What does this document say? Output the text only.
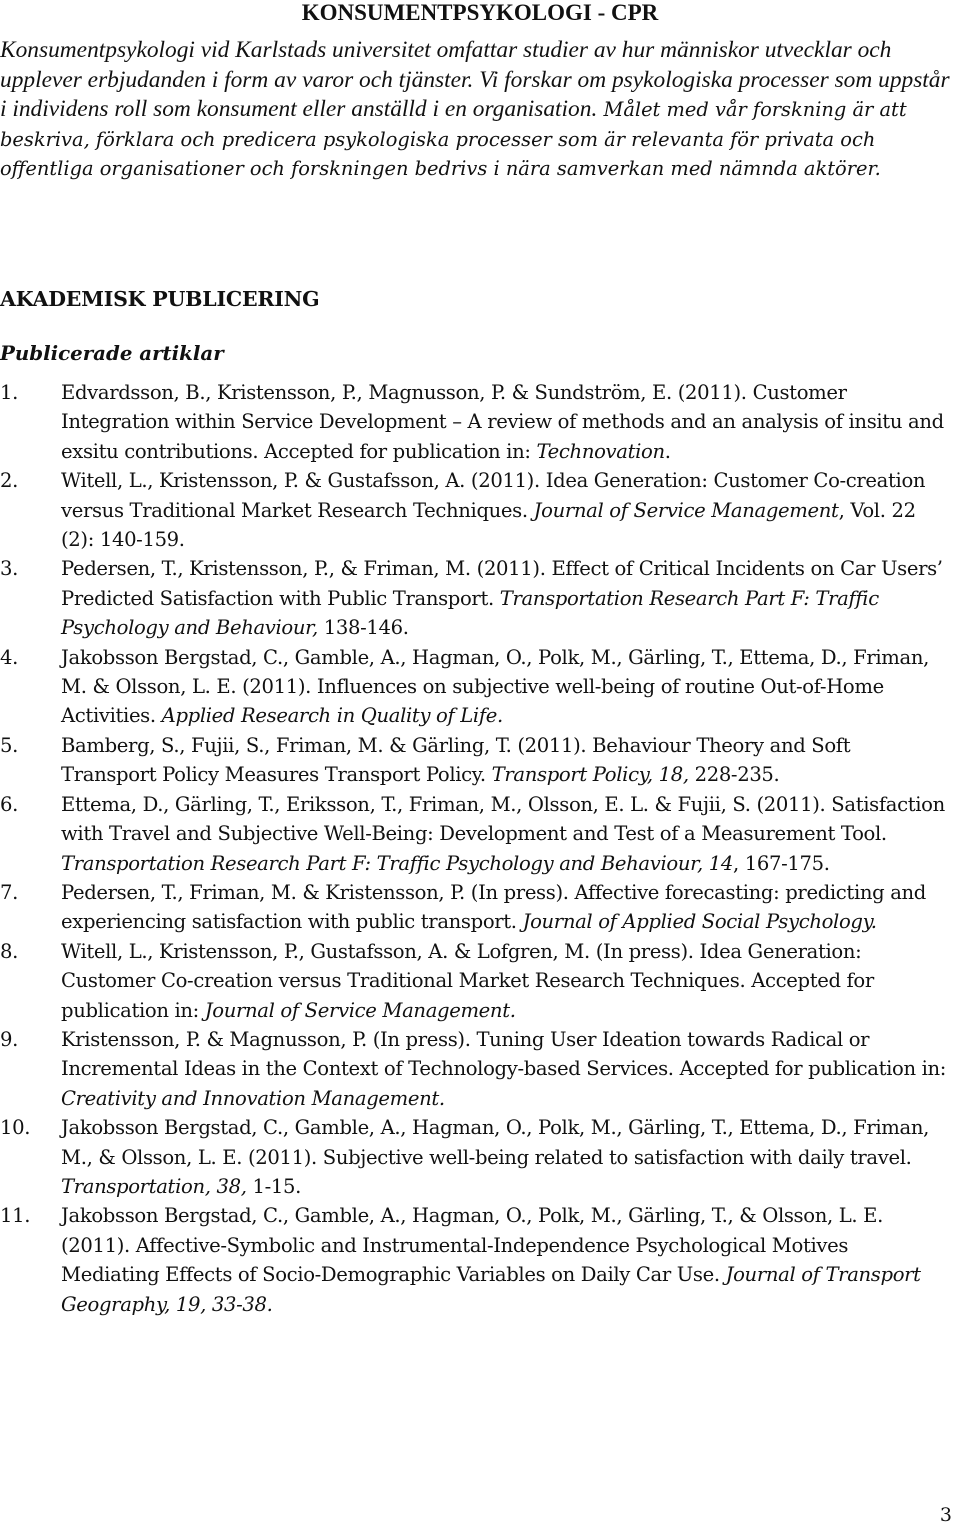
KONSUMENTPSYKOLOGI - CPR

Konsumentpsykologi vid Karlstads universitet omfattar studier av hur människor utvecklar och upplever erbjudanden i form av varor och tjänster. Vi forskar om psykologiska processer som uppstår i individens roll som konsument eller anställd i en organisation. Målet med vår forskning är att beskriva, förklara och predicera psykologiska processer som är relevanta för privata och offentliga organisationer och forskningen bedrivs i nära samverkan med nämnda aktörer.

AKADEMISK PUBLICERING
Publicerade artiklar
1.	Edvardsson, B., Kristensson, P., Magnusson, P. & Sundström, E. (2011). Customer Integration within Service Development – A review of methods and an analysis of insitu and exsitu contributions. Accepted for publication in: Technovation.
2.	Witell, L., Kristensson, P. & Gustafsson, A. (2011). Idea Generation: Customer Co-creation versus Traditional Market Research Techniques. Journal of Service Management, Vol. 22 (2): 140-159.
3.	Pedersen, T., Kristensson, P., & Friman, M. (2011). Effect of Critical Incidents on Car Users’ Predicted Satisfaction with Public Transport. Transportation Research Part F: Traffic Psychology and Behaviour, 138-146.
4.	Jakobsson Bergstad, C., Gamble, A., Hagman, O., Polk, M., Gärling, T., Ettema, D., Friman, M. & Olsson, L. E. (2011). Influences on subjective well-being of routine Out-of-Home Activities. Applied Research in Quality of Life.
5.	Bamberg, S., Fujii, S., Friman, M. & Gärling, T. (2011). Behaviour Theory and Soft Transport Policy Measures Transport Policy. Transport Policy, 18, 228-235.
6.	Ettema, D., Gärling, T., Eriksson, T., Friman, M., Olsson, E. L. & Fujii, S. (2011). Satisfaction with Travel and Subjective Well-Being: Development and Test of a Measurement Tool. Transportation Research Part F: Traffic Psychology and Behaviour, 14, 167-175.
7.	Pedersen, T., Friman, M. & Kristensson, P. (In press). Affective forecasting: predicting and experiencing satisfaction with public transport. Journal of Applied Social Psychology.
8.	Witell, L., Kristensson, P., Gustafsson, A. & Lofgren, M. (In press). Idea Generation: Customer Co-creation versus Traditional Market Research Techniques. Accepted for publication in: Journal of Service Management.
9.	Kristensson, P. & Magnusson, P. (In press). Tuning User Ideation towards Radical or Incremental Ideas in the Context of Technology-based Services. Accepted for publication in: Creativity and Innovation Management.
10.	Jakobsson Bergstad, C., Gamble, A., Hagman, O., Polk, M., Gärling, T., Ettema, D., Friman, M., & Olsson, L. E. (2011). Subjective well-being related to satisfaction with daily travel. Transportation, 38, 1-15.
11.	Jakobsson Bergstad, C., Gamble, A., Hagman, O., Polk, M., Gärling, T., & Olsson, L. E. (2011). Affective-Symbolic and Instrumental-Independence Psychological Motives Mediating Effects of Socio-Demographic Variables on Daily Car Use. Journal of Transport Geography, 19, 33-38.
3
